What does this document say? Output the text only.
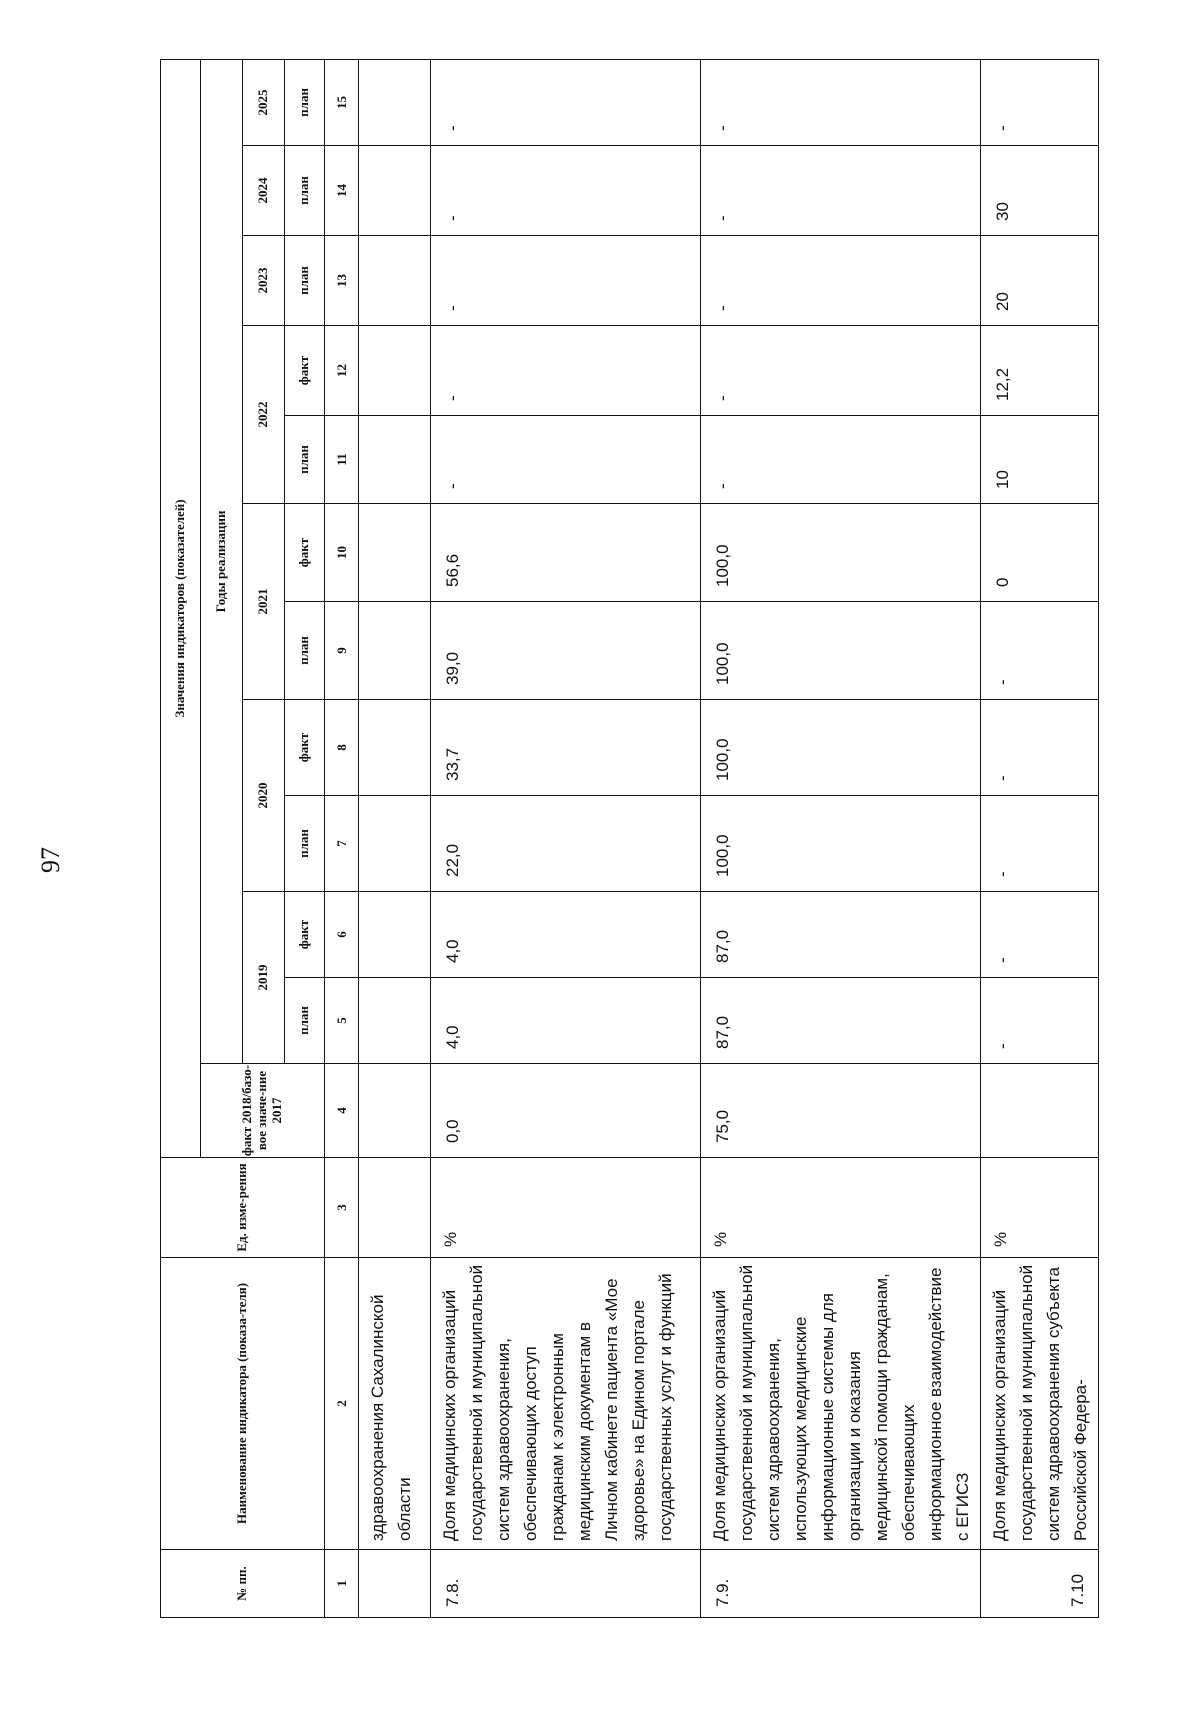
97
№ пп.	Наименование индикатора (показа-теля)	Ед. изме-рения	Значения индикаторов (показателей)											
			факт 2018/базо-вое значе-ние 2017	Годы реализации										
				2019		2020		2021		2022		2023	2024	2025
				план	факт	план	факт	план	факт	план	факт	план	план	план
1	2	3	4	5	6	7	8	9	10	11	12	13	14	15
	здравоохранения Сахалинской области													
7.8.	Доля медицинских организаций государственной и муниципальной систем здравоохранения, обеспечивающих доступ гражданам к электронным медицинским документам в Личном кабинете пациента «Мое здоровье» на Едином портале государственных услуг и функций	%	0,0	4,0	4,0	22,0	33,7	39,0	56,6	-	-	-	-	-
7.9.	Доля медицинских организаций государственной и муниципальной систем здравоохранения, использующих медицинские информационные системы для организации и оказания медицинской помощи гражданам, обеспечивающих информационное взаимодействие с ЕГИСЗ	%	75,0	87,0	87,0	100,0	100,0	100,0	100,0	-	-	-	-	-
7.10	Доля медицинских организаций государственной и муниципальной систем здравоохранения субъекта Российской Федера-	%		-	-	-	-	-	0	10	12,2	20	30	-
